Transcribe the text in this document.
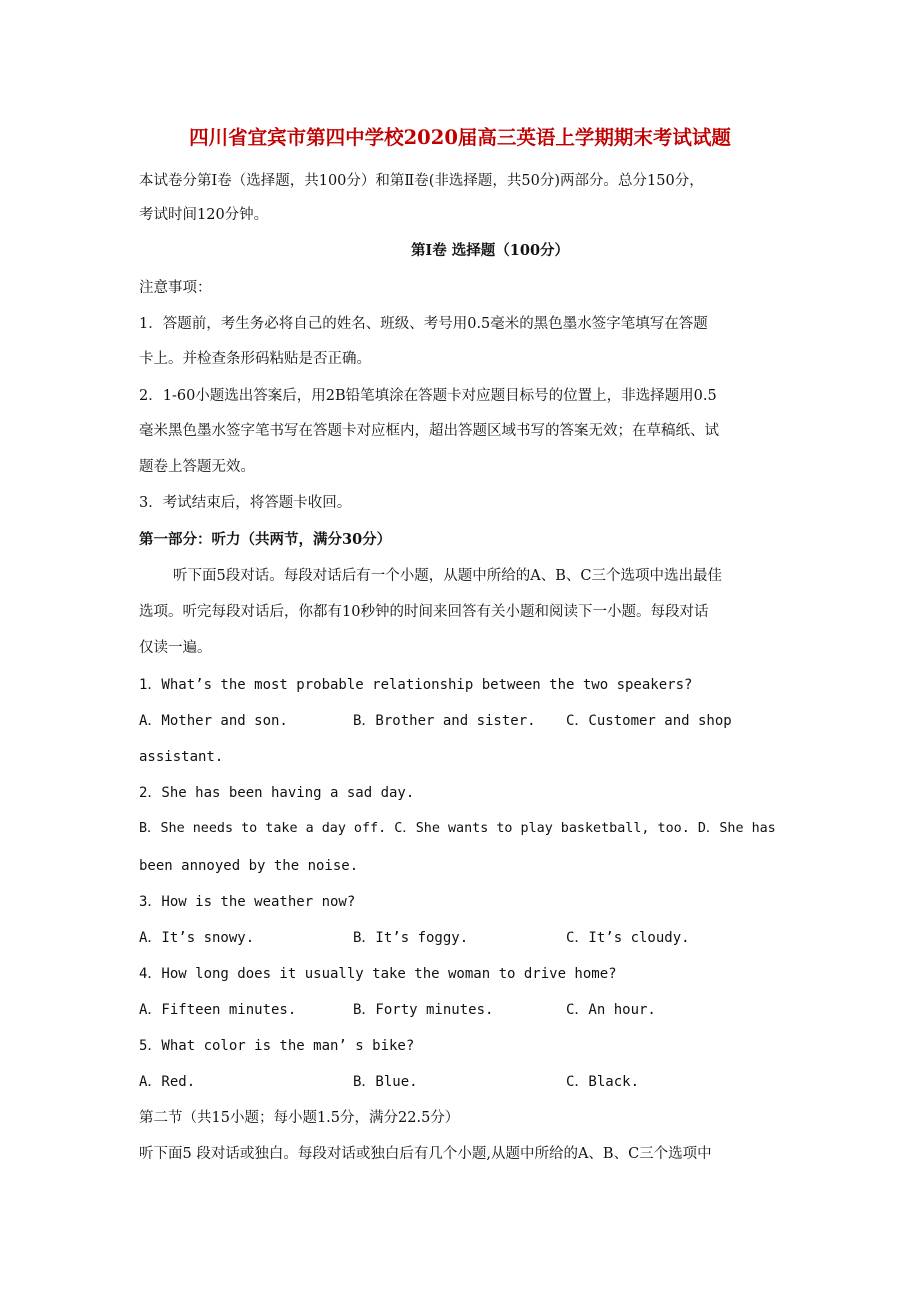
四川省宜宾市第四中学校2020届高三英语上学期期末考试试题
本试卷分第Ⅰ卷（选择题，共100分）和第Ⅱ卷(非选择题，共50分)两部分。总分150分，
考试时间120分钟。
第Ⅰ卷 选择题（100分）
注意事项：
1．答题前，考生务必将自己的姓名、班级、考号用0.5毫米的黑色墨水签字笔填写在答题
卡上。并检查条形码粘贴是否正确。
2．1-60小题选出答案后，用2B铅笔填涂在答题卡对应题目标号的位置上，非选择题用0.5
毫米黑色墨水签字笔书写在答题卡对应框内，超出答题区域书写的答案无效；在草稿纸、试
题卷上答题无效。
3．考试结束后，将答题卡收回。
第一部分：听力（共两节，满分30分）
听下面5段对话。每段对话后有一个小题，从题中所给的A、B、C三个选项中选出最佳
选项。听完每段对话后，你都有10秒钟的时间来回答有关小题和阅读下一小题。每段对话
仅读一遍。
1．What’s the most probable relationship between the two speakers?
A．Mother and son.	B．Brother and sister. C．Customer and shop
assistant.
2．She has been having a sad day.
B．She needs to take a day off. C．She wants to play basketball, too. D．She has
been annoyed by the noise.
3．How is the weather now?
A．It’s snowy.	B．It’s foggy.	C．It’s cloudy.
4．How long does it usually take the woman to drive home?
A．Fifteen minutes.	B．Forty minutes.	C．An hour.
5．What color is the man’ s bike?
A．Red.	B．Blue.	C．Black.
第二节（共15小题；每小题1.5分，满分22.5分）
听下面5 段对话或独白。每段对话或独白后有几个小题,从题中所给的A、B、C三个选项中
